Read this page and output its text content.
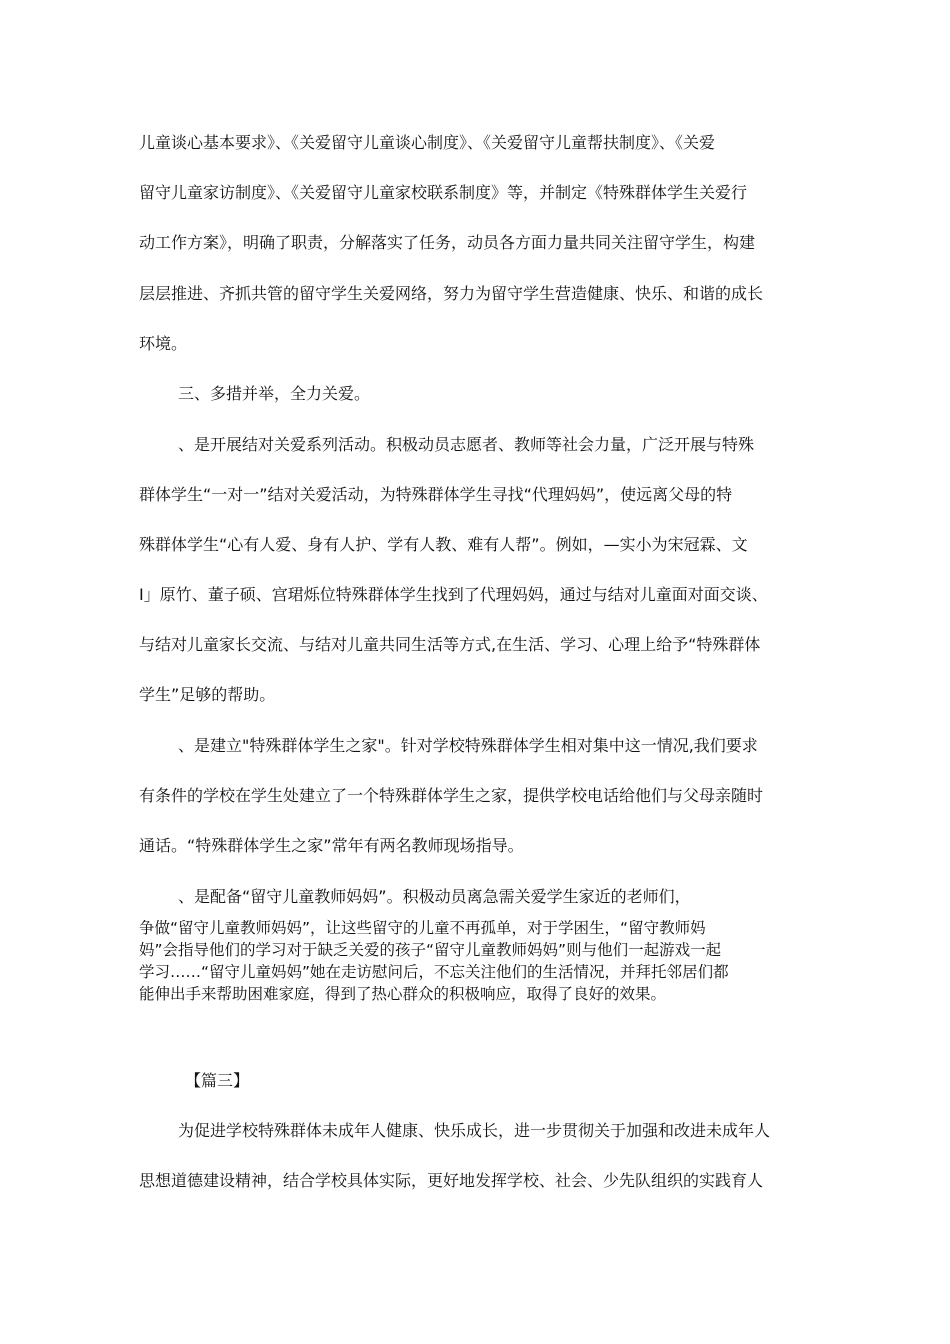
儿童谈心基本要求》、《关爱留守儿童谈心制度》、《关爱留守儿童帮扶制度》、《关爱
留守儿童家访制度》、《关爱留守儿童家校联系制度》等，并制定《特殊群体学生关爱行
动工作方案》，明确了职责，分解落实了任务，动员各方面力量共同关注留守学生，构建
层层推进、齐抓共管的留守学生关爱网络，努力为留守学生营造健康、快乐、和谐的成长
环境。
三、多措并举，全力关爱。
、是开展结对关爱系列活动。积极动员志愿者、教师等社会力量，广泛开展与特殊
群体学生“一对一”结对关爱活动，为特殊群体学生寻找“代理妈妈”，使远离父母的特
殊群体学生“心有人爱、身有人护、学有人教、难有人帮”。例如，—实小为宋冠霖、文
I」原竹、董子硕、宫珺烁位特殊群体学生找到了代理妈妈，通过与结对儿童面对面交谈、
与结对儿童家长交流、与结对儿童共同生活等方式,在生活、学习、心理上给予“特殊群体
学生”足够的帮助。
、是建立"特殊群体学生之家"。针对学校特殊群体学生相对集中这一情况,我们要求
有条件的学校在学生处建立了一个特殊群体学生之家，提供学校电话给他们与父母亲随时
通话。“特殊群体学生之家”常年有两名教师现场指导。
、是配备“留守儿童教师妈妈”。积极动员离急需关爱学生家近的老师们，
争做“留守儿童教师妈妈”，让这些留守的儿童不再孤单，对于学困生，“留守教师妈
妈”会指导他们的学习对于缺乏关爱的孩子“留守儿童教师妈妈”则与他们一起游戏一起
学习……“留守儿童妈妈”她在走访慰问后，不忘关注他们的生活情况，并拜托邻居们都
能伸出手来帮助困难家庭，得到了热心群众的积极响应，取得了良好的效果。
【篇三】
为促进学校特殊群体未成年人健康、快乐成长，进一步贯彻关于加强和改进未成年人
思想道德建设精神，结合学校具体实际，更好地发挥学校、社会、少先队组织的实践育人
